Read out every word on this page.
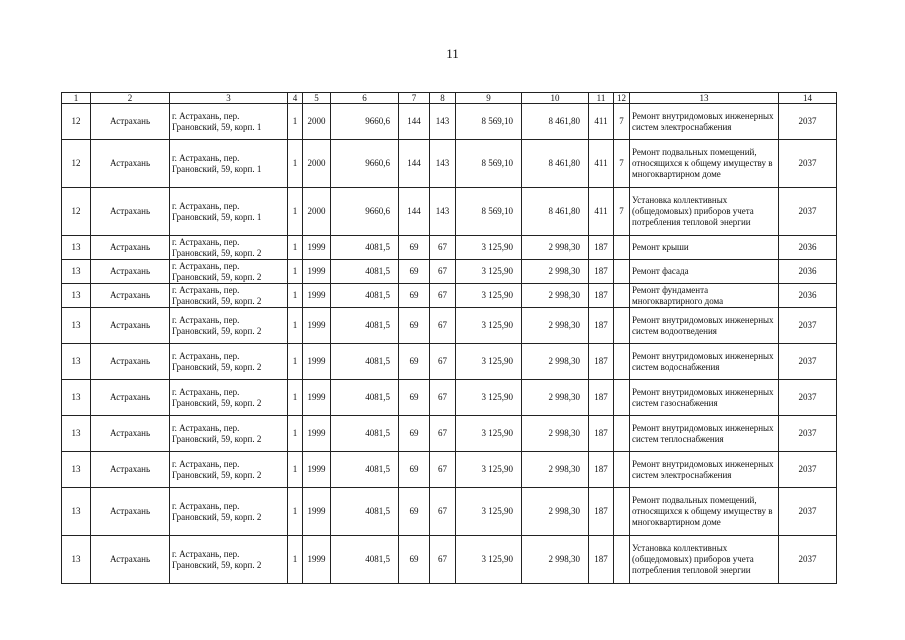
11
1	2	3	4	5	6	7	8	9	10	11	12	13	14
12	Астрахань	г. Астрахань, пер. Грановский, 59, корп. 1	1	2000	9660,6	144	143	8 569,10	8 461,80	411	7	Ремонт внутридомовых инженерных систем электроснабжения	2037
12	Астрахань	г. Астрахань, пер. Грановский, 59, корп. 1	1	2000	9660,6	144	143	8 569,10	8 461,80	411	7	Ремонт подвальных помещений, относящихся к общему имуществу в многоквартирном доме	2037
12	Астрахань	г. Астрахань, пер. Грановский, 59, корп. 1	1	2000	9660,6	144	143	8 569,10	8 461,80	411	7	Установка коллективных (общедомовых) приборов учета потребления тепловой энергии	2037
13	Астрахань	г. Астрахань, пер. Грановский, 59, корп. 2	1	1999	4081,5	69	67	3 125,90	2 998,30	187		Ремонт крыши	2036
13	Астрахань	г. Астрахань, пер. Грановский, 59, корп. 2	1	1999	4081,5	69	67	3 125,90	2 998,30	187		Ремонт фасада	2036
13	Астрахань	г. Астрахань, пер. Грановский, 59, корп. 2	1	1999	4081,5	69	67	3 125,90	2 998,30	187		Ремонт фундамента многоквартирного дома	2036
13	Астрахань	г. Астрахань, пер. Грановский, 59, корп. 2	1	1999	4081,5	69	67	3 125,90	2 998,30	187		Ремонт внутридомовых инженерных систем водоотведения	2037
13	Астрахань	г. Астрахань, пер. Грановский, 59, корп. 2	1	1999	4081,5	69	67	3 125,90	2 998,30	187		Ремонт внутридомовых инженерных систем водоснабжения	2037
13	Астрахань	г. Астрахань, пер. Грановский, 59, корп. 2	1	1999	4081,5	69	67	3 125,90	2 998,30	187		Ремонт внутридомовых инженерных систем газоснабжения	2037
13	Астрахань	г. Астрахань, пер. Грановский, 59, корп. 2	1	1999	4081,5	69	67	3 125,90	2 998,30	187		Ремонт внутридомовых инженерных систем теплоснабжения	2037
13	Астрахань	г. Астрахань, пер. Грановский, 59, корп. 2	1	1999	4081,5	69	67	3 125,90	2 998,30	187		Ремонт внутридомовых инженерных систем электроснабжения	2037
13	Астрахань	г. Астрахань, пер. Грановский, 59, корп. 2	1	1999	4081,5	69	67	3 125,90	2 998,30	187		Ремонт подвальных помещений, относящихся к общему имуществу в многоквартирном доме	2037
13	Астрахань	г. Астрахань, пер. Грановский, 59, корп. 2	1	1999	4081,5	69	67	3 125,90	2 998,30	187		Установка коллективных (общедомовых) приборов учета потребления тепловой энергии	2037
